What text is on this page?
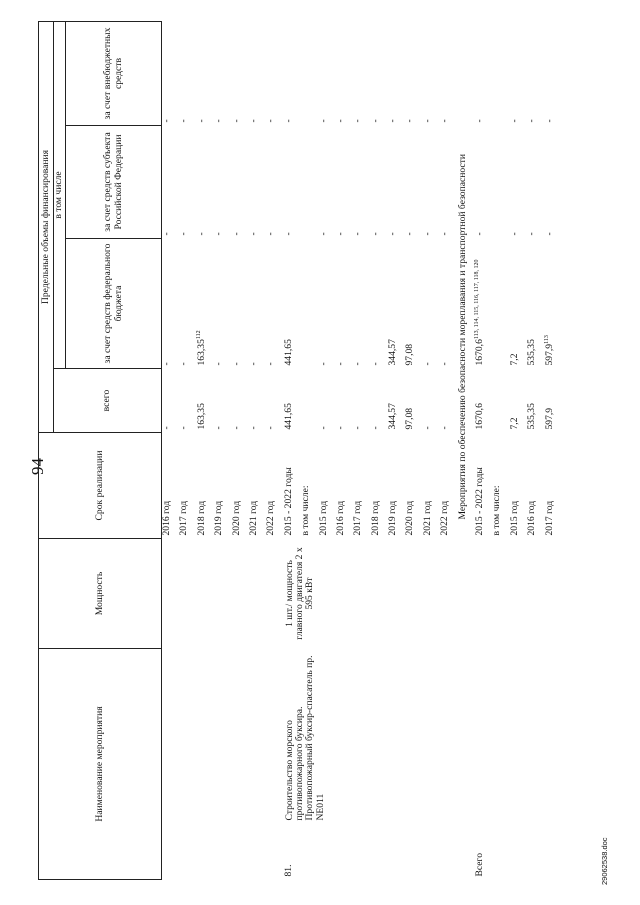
94
Наименование мероприятия		Мощность	Срок реализации	Предельные объемы финансирования			
				всего	в том числе		
					за счет средств федерального бюджета	за счет средств субъекта Российской Федерации	за счет внебюджетных средств
			2016 год	-	-	-	-
			2017 год	-	-	-	-
			2018 год	163,35	163,35$^{112}$	-	-
			2019 год	-	-	-	-
			2020 год	-	-	-	-
			2021 год	-	-	-	-
			2022 год	-	-	-	-
81.	Строительство морского противопожарного буксира. Противопожарный буксир-спасатель пр. NE011	1 шт./ мощность главного двигателя 2 х 595 кВт	2015 - 2022 годы	441,65	441,65	-	-
			в том числе:				
			2015 год	-	-	-	-
			2016 год	-	-	-	-
			2017 год	-	-	-	-
			2018 год	-	-	-	-
			2019 год	344,57	344,57	-	-
			2020 год	97,08	97,08	-	-
			2021 год	-	-	-	-
			2022 год	-	-	-	-
Мероприятия по обеспечению безопасности мореплавания и транспортной безопасности							
Всего			2015 - 2022 годы	1670,6	1670,6$^{113, 114, 115, 116, 117, 118, 120}$	-	-
			в том числе:				
			2015 год	7,2	7,2	-	-
			2016 год	535,35	535,35	-	-
			2017 год	597,9	597,9$^{113}$	-	-
29062538.doc
